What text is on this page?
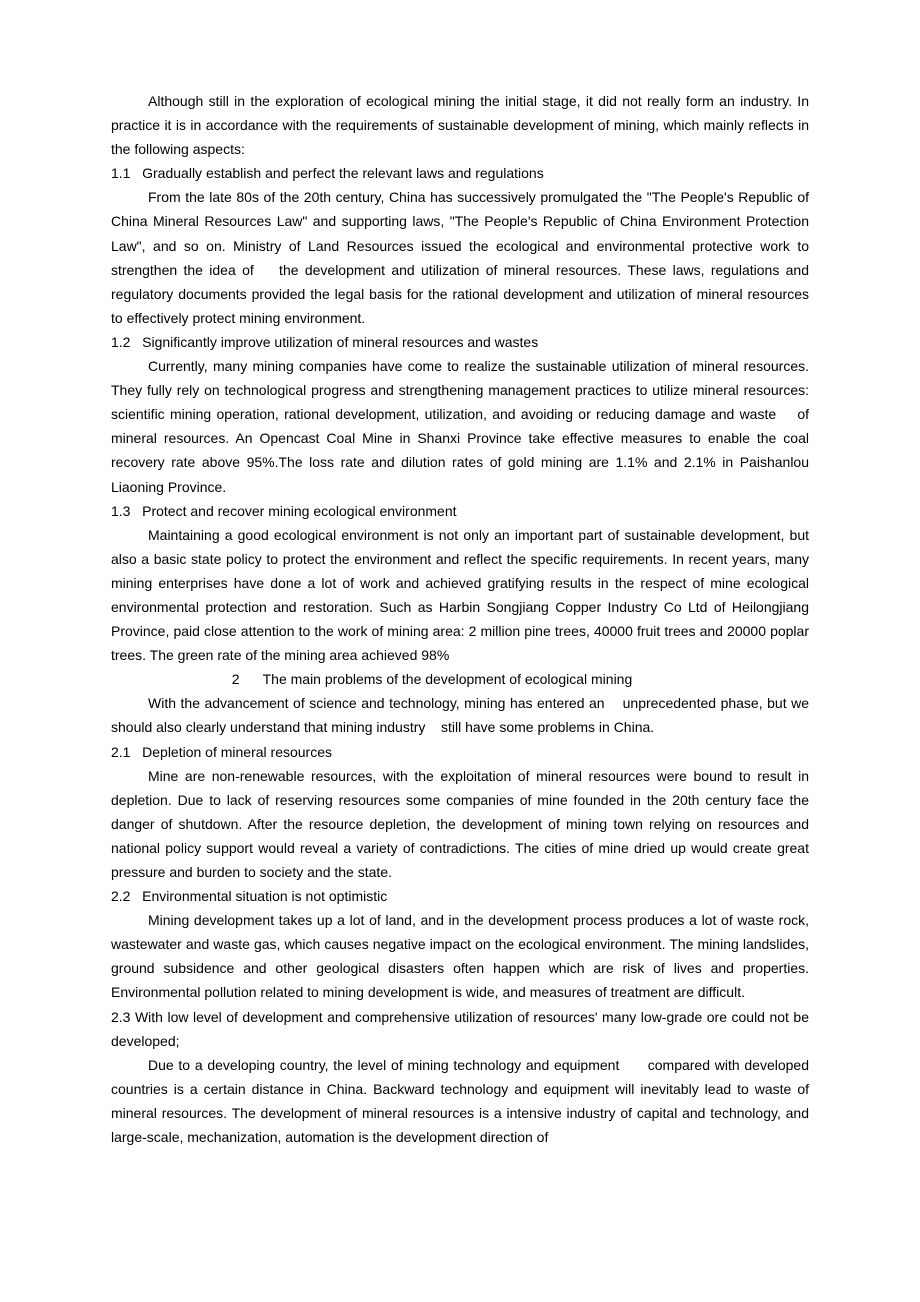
Although still in the exploration of ecological mining the initial stage, it did not really form an industry. In practice it is in accordance with the requirements of sustainable development of mining, which mainly reflects in the following aspects:

1.1   Gradually establish and perfect the relevant laws and regulations

From the late 80s of the 20th century, China has successively promulgated the "The People's Republic of China Mineral Resources Law" and supporting laws, "The People's Republic of China Environment Protection Law", and so on. Ministry of Land Resources issued the ecological and environmental protective work to strengthen the idea of    the development and utilization of mineral resources. These laws, regulations and regulatory documents provided the legal basis for the rational development and utilization of mineral resources to effectively protect mining environment.

1.2   Significantly improve utilization of mineral resources and wastes

Currently, many mining companies have come to realize the sustainable utilization of mineral resources. They fully rely on technological progress and strengthening management practices to utilize mineral resources: scientific mining operation, rational development, utilization, and avoiding or reducing damage and waste    of mineral resources. An Opencast Coal Mine in Shanxi Province take effective measures to enable the coal recovery rate above 95%.The loss rate and dilution rates of gold mining are 1.1% and 2.1% in Paishanlou Liaoning Province.

1.3   Protect and recover mining ecological environment

Maintaining a good ecological environment is not only an important part of sustainable development, but also a basic state policy to protect the environment and reflect the specific requirements. In recent years, many mining enterprises have done a lot of work and achieved gratifying results in the respect of mine ecological    environmental protection and restoration. Such as Harbin Songjiang Copper Industry Co Ltd of Heilongjiang Province, paid close attention to the work of mining area: 2 million pine trees, 40000 fruit trees and 20000 poplar trees. The green rate of the mining area achieved 98%

2      The main problems of the development of ecological mining

With the advancement of science and technology, mining has entered an    unprecedented phase, but we should also clearly understand that mining industry    still have some problems in China.

2.1   Depletion of mineral resources

Mine are non-renewable resources, with the exploitation of mineral resources were bound to result in depletion. Due to lack of reserving resources some companies of mine founded in the 20th century face the danger of shutdown. After the resource depletion, the development of mining town relying on resources and national policy support would reveal a variety of contradictions. The cities of mine dried up would create great pressure and burden to society and the state.

2.2   Environmental situation is not optimistic

Mining development takes up a lot of land, and in the development process produces a lot of waste rock, wastewater and waste gas, which causes negative impact on the ecological environment. The mining landslides, ground subsidence and other geological disasters often happen which are risk of lives and properties.    Environmental pollution related to mining development is wide, and measures of treatment are difficult.

2.3 With low level of development and comprehensive utilization of resources' many low-grade ore could not be developed;

Due to a developing country, the level of mining technology and equipment      compared with developed countries is a certain distance in China. Backward technology and equipment will inevitably lead to waste of mineral resources. The development of mineral resources is a intensive industry of capital and technology, and large-scale, mechanization, automation is the development direction of
